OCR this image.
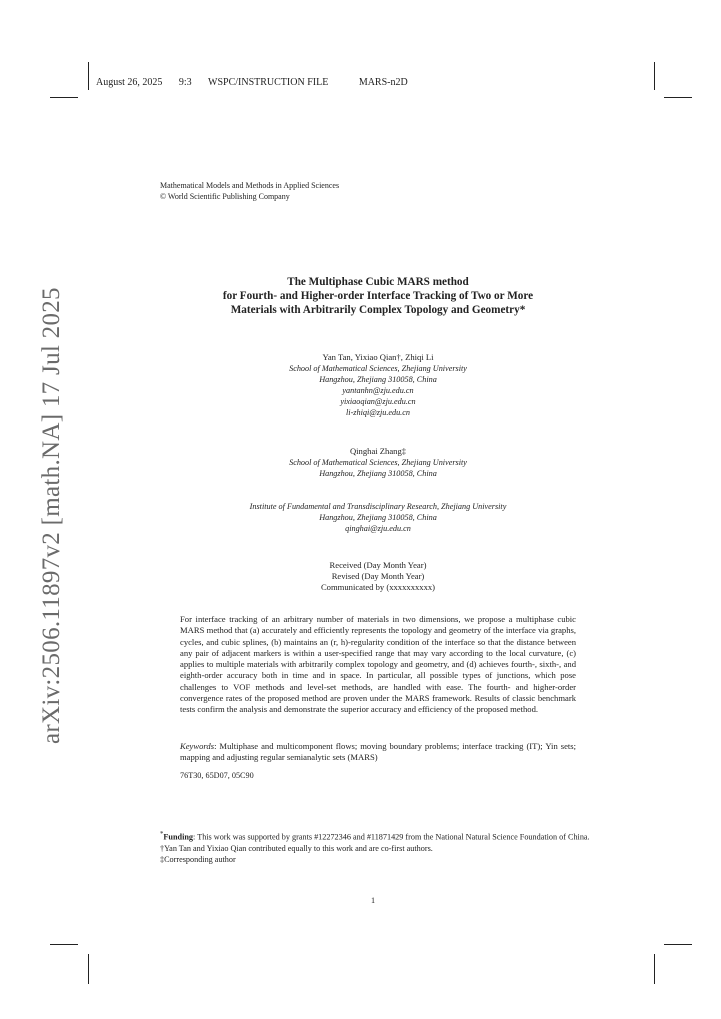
August 26, 2025 9:3 WSPC/INSTRUCTION FILE	MARS-n2D
Mathematical Models and Methods in Applied Sciences
© World Scientific Publishing Company
arXiv:2506.11897v2 [math.NA] 17 Jul 2025
The Multiphase Cubic MARS method
for Fourth- and Higher-order Interface Tracking of Two or More
Materials with Arbitrarily Complex Topology and Geometry*
Yan Tan, Yixiao Qian†, Zhiqi Li
School of Mathematical Sciences, Zhejiang University
Hangzhou, Zhejiang 310058, China
yantanhn@zju.edu.cn
yixiaoqian@zju.edu.cn
li-zhiqi@zju.edu.cn
Qinghai Zhang‡
School of Mathematical Sciences, Zhejiang University
Hangzhou, Zhejiang 310058, China
Institute of Fundamental and Transdisciplinary Research, Zhejiang University
Hangzhou, Zhejiang 310058, China
qinghai@zju.edu.cn
Received (Day Month Year)
Revised (Day Month Year)
Communicated by (xxxxxxxxxx)
For interface tracking of an arbitrary number of materials in two dimensions, we propose a multiphase cubic MARS method that (a) accurately and efficiently represents the topology and geometry of the interface via graphs, cycles, and cubic splines, (b) maintains an (r, h)-regularity condition of the interface so that the distance between any pair of adjacent markers is within a user-specified range that may vary according to the local curvature, (c) applies to multiple materials with arbitrarily complex topology and geometry, and (d) achieves fourth-, sixth-, and eighth-order accuracy both in time and in space. In particular, all possible types of junctions, which pose challenges to VOF methods and level-set methods, are handled with ease. The fourth- and higher-order convergence rates of the proposed method are proven under the MARS framework. Results of classic benchmark tests confirm the analysis and demonstrate the superior accuracy and efficiency of the proposed method.
Keywords: Multiphase and multicomponent flows; moving boundary problems; interface tracking (IT); Yin sets; mapping and adjusting regular semianalytic sets (MARS)
76T30, 65D07, 05C90
*Funding: This work was supported by grants #12272346 and #11871429 from the National Natural Science Foundation of China.
†Yan Tan and Yixiao Qian contributed equally to this work and are co-first authors.
‡Corresponding author
1
